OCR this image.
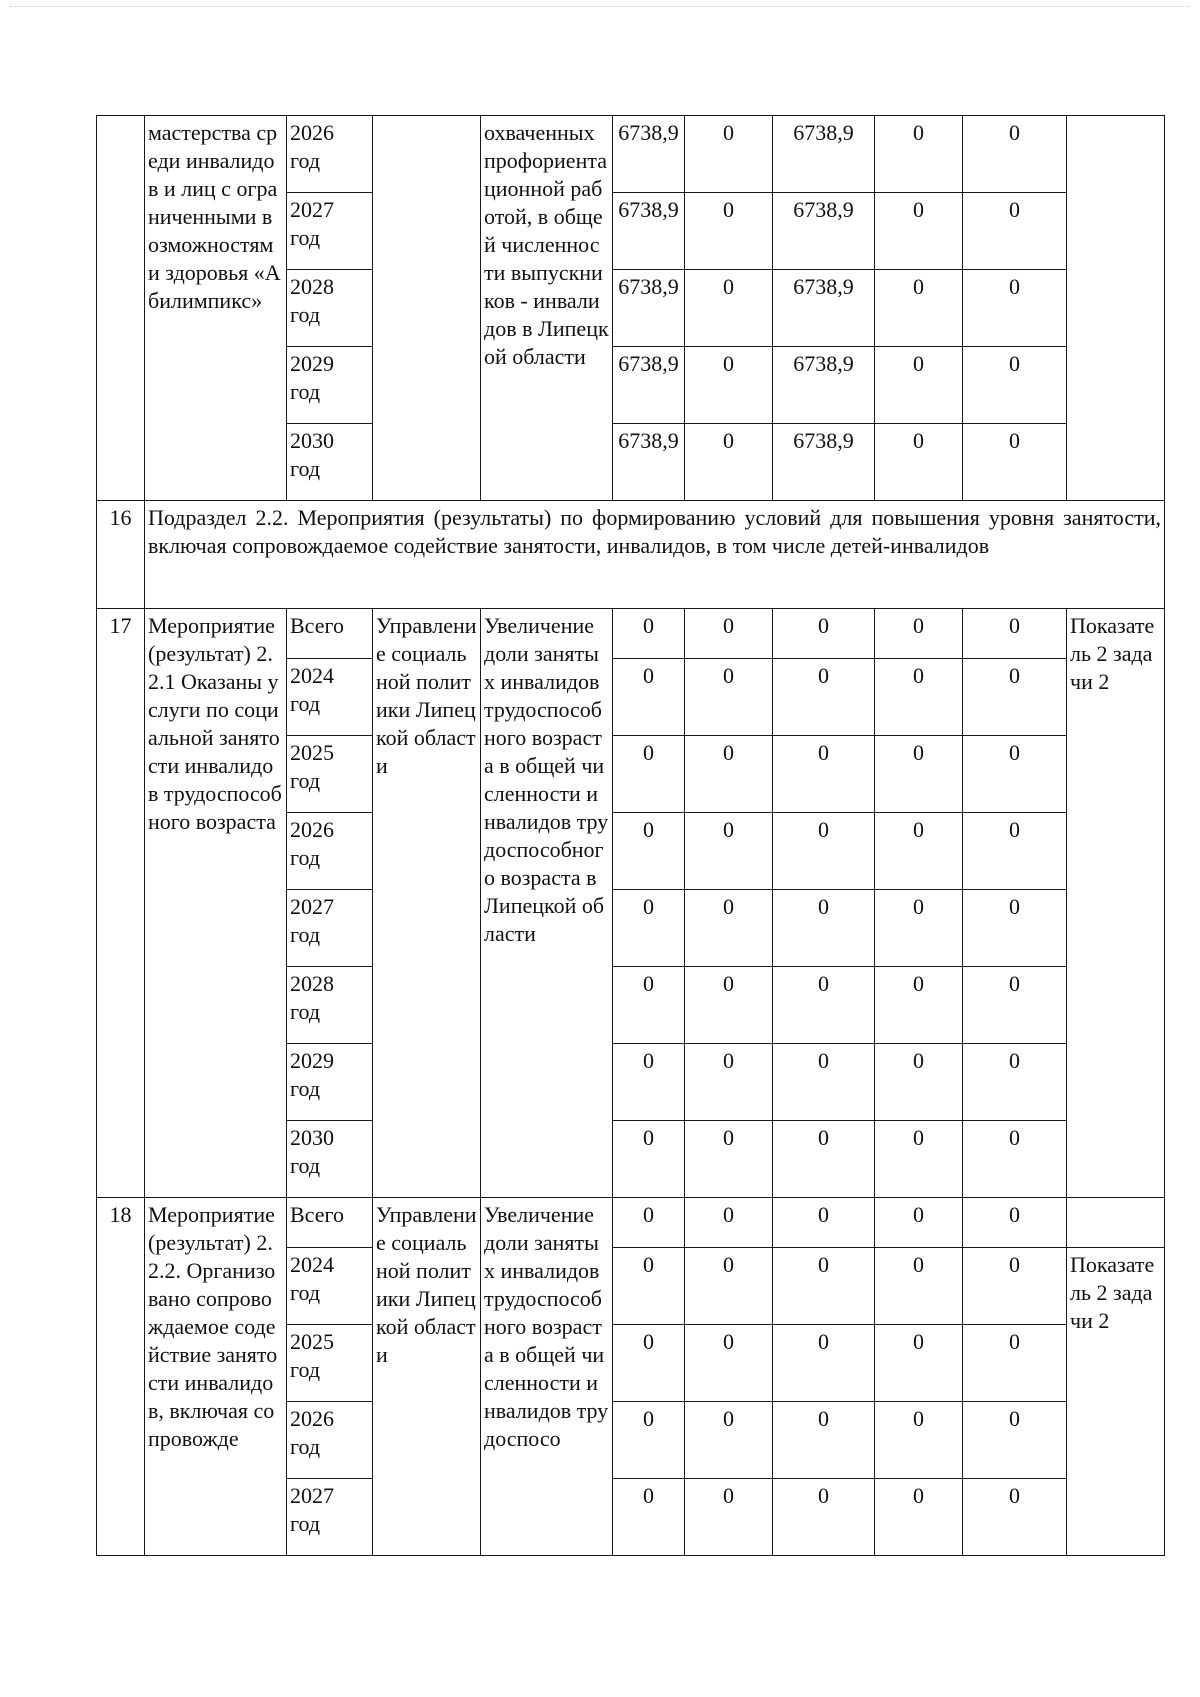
	мастерства среди инвалидов и лиц с ограниченными возможностями здоровья «Абилимпикс»	2026 год		охваченных профориентационной работой, в общей численности выпускников - инвалидов в Липецкой области	6738,9	0	6738,9	0	0	
		2027 год			6738,9	0	6738,9	0	0	
		2028 год			6738,9	0	6738,9	0	0	
		2029 год			6738,9	0	6738,9	0	0	
		2030 год			6738,9	0	6738,9	0	0	
16	Подраздел 2.2. Мероприятия (результаты) по формированию условий для повышения уровня занятости, включая сопровождаемое содействие занятости, инвалидов, в том числе детей-инвалидов									
17	Мероприятие (результат) 2.2.1 Оказаны услуги по социальной занятости инвалидов трудоспособного возраста	Всего	Управление социальной политики Липецкой области	Увеличение доли занятых инвалидов трудоспособного возраста в общей численности инвалидов трудоспособного возраста в Липецкой области	0	0	0	0	0	Показатель 2 задачи 2
		2024 год			0	0	0	0	0	
		2025 год			0	0	0	0	0	
		2026 год			0	0	0	0	0	
		2027 год			0	0	0	0	0	
		2028 год			0	0	0	0	0	
		2029 год			0	0	0	0	0	
		2030 год			0	0	0	0	0	
18	Мероприятие (результат) 2.2.2. Организовано сопровождаемое содействие занятости инвалидов, включая сопровожде	Всего	Управление социальной политики Липецкой области	Увеличение доли занятых инвалидов трудоспособного возраста в общей численности инвалидов трудоспосо	0	0	0	0	0	
		2024 год			0	0	0	0	0	Показатель 2 задачи 2
		2025 год			0	0	0	0	0	
		2026 год			0	0	0	0	0	
		2027 год			0	0	0	0	0	
